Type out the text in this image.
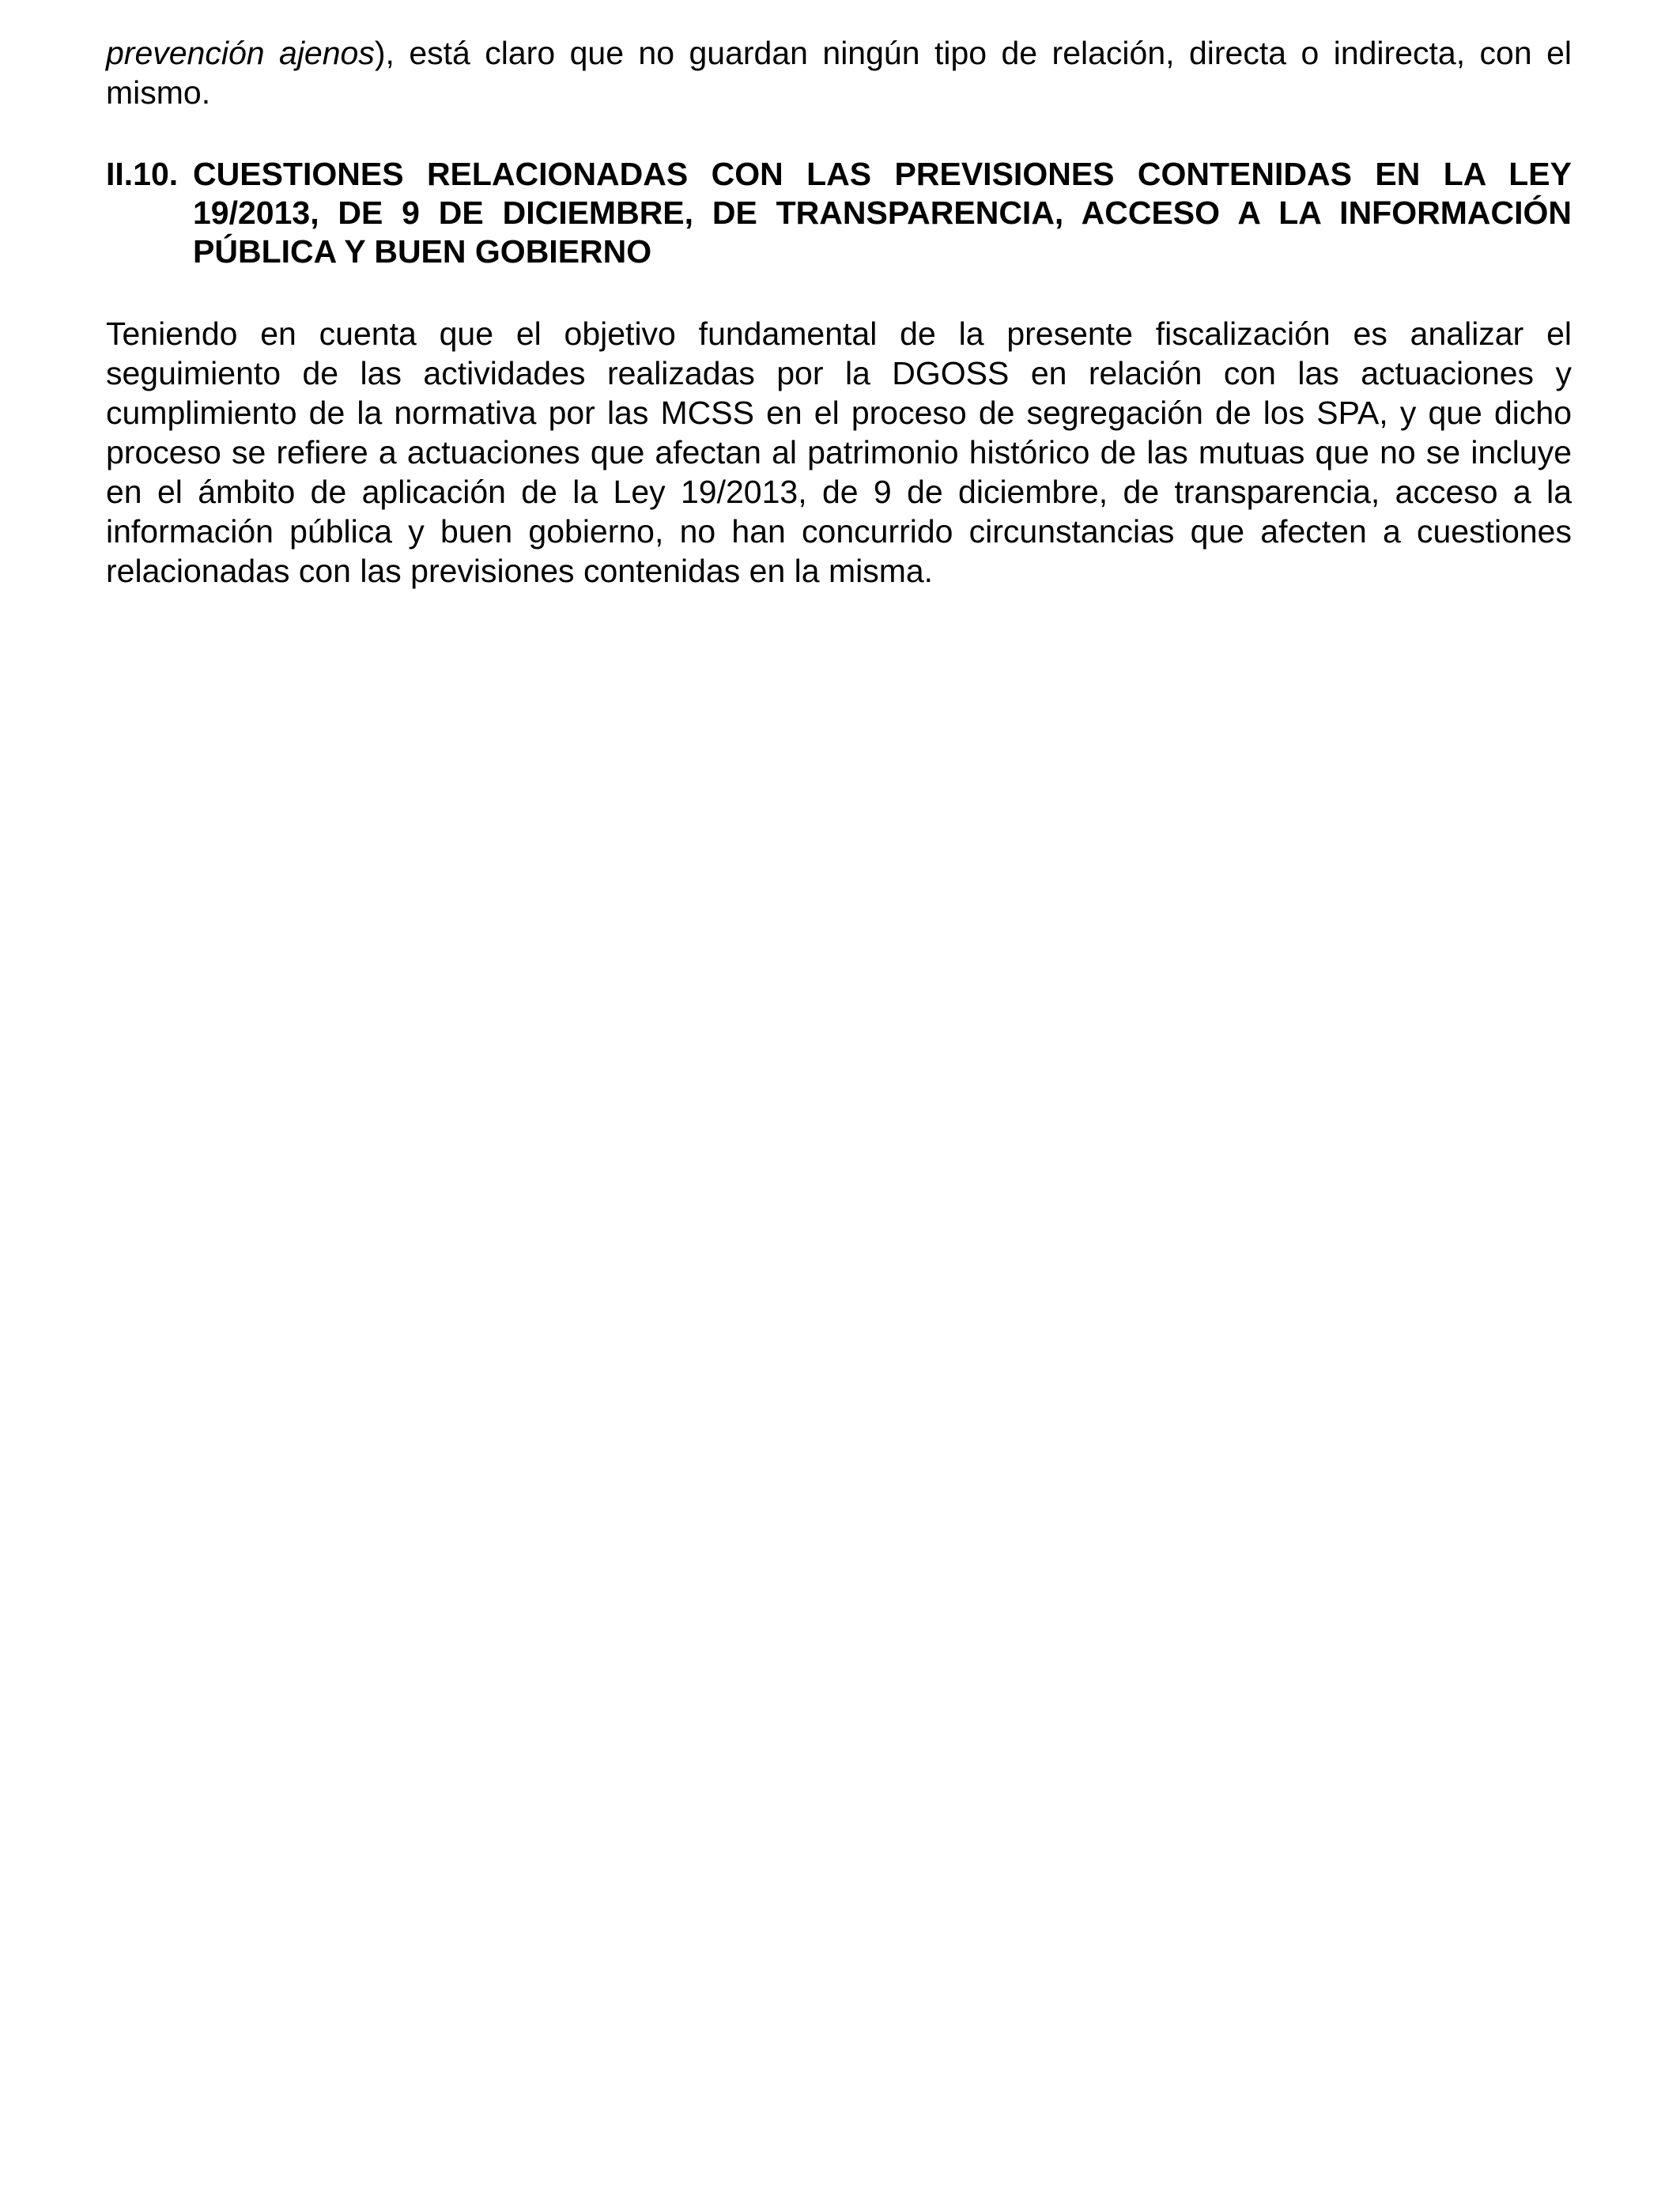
prevención ajenos), está claro que no guardan ningún tipo de relación, directa o indirecta, con el mismo.

II.10. CUESTIONES RELACIONADAS CON LAS PREVISIONES CONTENIDAS EN LA LEY 19/2013, DE 9 DE DICIEMBRE, DE TRANSPARENCIA, ACCESO A LA INFORMACIÓN PÚBLICA Y BUEN GOBIERNO

Teniendo en cuenta que el objetivo fundamental de la presente fiscalización es analizar el seguimiento de las actividades realizadas por la DGOSS en relación con las actuaciones y cumplimiento de la normativa por las MCSS en el proceso de segregación de los SPA, y que dicho proceso se refiere a actuaciones que afectan al patrimonio histórico de las mutuas que no se incluye en el ámbito de aplicación de la Ley 19/2013, de 9 de diciembre, de transparencia, acceso a la información pública y buen gobierno, no han concurrido circunstancias que afecten a cuestiones relacionadas con las previsiones contenidas en la misma.
